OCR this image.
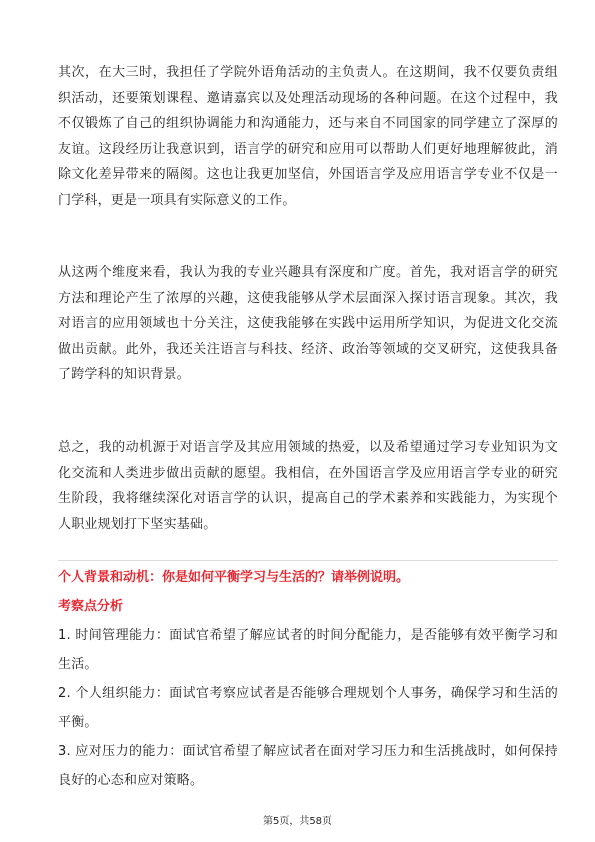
其次，在大三时，我担任了学院外语角活动的主负责人。在这期间，我不仅要负责组织活动，还要策划课程、邀请嘉宾以及处理活动现场的各种问题。在这个过程中，我不仅锻炼了自己的组织协调能力和沟通能力，还与来自不同国家的同学建立了深厚的友谊。这段经历让我意识到，语言学的研究和应用可以帮助人们更好地理解彼此，消除文化差异带来的隔阂。这也让我更加坚信，外国语言学及应用语言学专业不仅是一门学科，更是一项具有实际意义的工作。

从这两个维度来看，我认为我的专业兴趣具有深度和广度。首先，我对语言学的研究方法和理论产生了浓厚的兴趣，这使我能够从学术层面深入探讨语言现象。其次，我对语言的应用领域也十分关注，这使我能够在实践中运用所学知识，为促进文化交流做出贡献。此外，我还关注语言与科技、经济、政治等领域的交叉研究，这使我具备了跨学科的知识背景。

总之，我的动机源于对语言学及其应用领域的热爱，以及希望通过学习专业知识为文化交流和人类进步做出贡献的愿望。我相信，在外国语言学及应用语言学专业的研究生阶段，我将继续深化对语言学的认识，提高自己的学术素养和实践能力，为实现个人职业规划打下坚实基础。

个人背景和动机：你是如何平衡学习与生活的？请举例说明。

考察点分析

1. 时间管理能力：面试官希望了解应试者的时间分配能力，是否能够有效平衡学习和生活。
2. 个人组织能力：面试官考察应试者是否能够合理规划个人事务，确保学习和生活的平衡。
3. 应对压力的能力：面试官希望了解应试者在面对学习压力和生活挑战时，如何保持良好的心态和应对策略。

第5页，共58页
